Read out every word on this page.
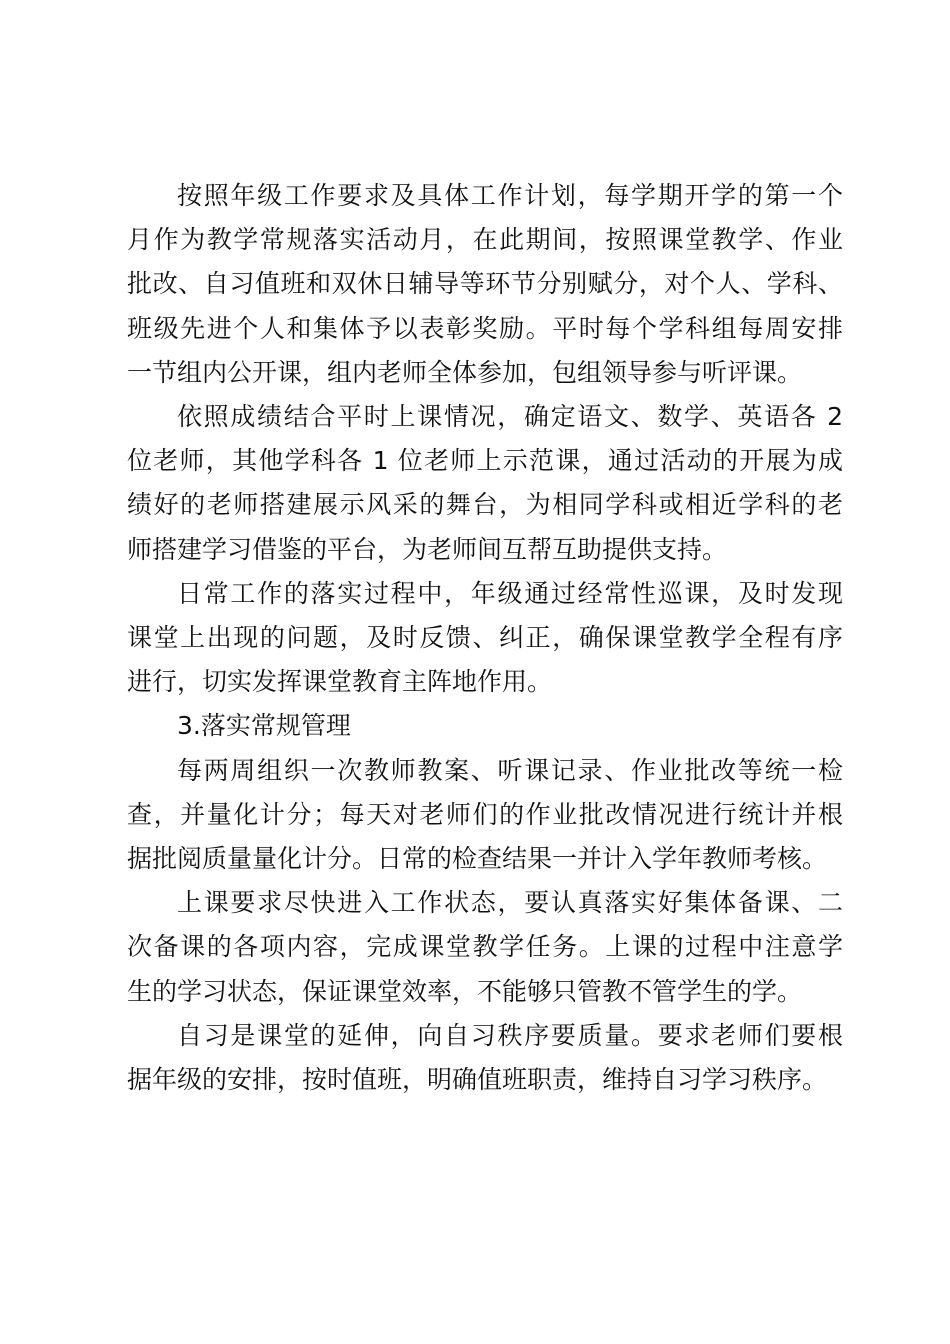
按照年级工作要求及具体工作计划，每学期开学的第一个
月作为教学常规落实活动月，在此期间，按照课堂教学、作业
批改、自习值班和双休日辅导等环节分别赋分，对个人、学科、
班级先进个人和集体予以表彰奖励。平时每个学科组每周安排
一节组内公开课，组内老师全体参加，包组领导参与听评课。
依照成绩结合平时上课情况，确定语文、数学、英语各 2
位老师，其他学科各 1 位老师上示范课，通过活动的开展为成
绩好的老师搭建展示风采的舞台，为相同学科或相近学科的老
师搭建学习借鉴的平台，为老师间互帮互助提供支持。
日常工作的落实过程中，年级通过经常性巡课，及时发现
课堂上出现的问题，及时反馈、纠正，确保课堂教学全程有序
进行，切实发挥课堂教育主阵地作用。
3.落实常规管理
每两周组织一次教师教案、听课记录、作业批改等统一检
查，并量化计分；每天对老师们的作业批改情况进行统计并根
据批阅质量量化计分。日常的检查结果一并计入学年教师考核。
上课要求尽快进入工作状态，要认真落实好集体备课、二
次备课的各项内容，完成课堂教学任务。上课的过程中注意学
生的学习状态，保证课堂效率，不能够只管教不管学生的学。
自习是课堂的延伸，向自习秩序要质量。要求老师们要根
据年级的安排，按时值班，明确值班职责，维持自习学习秩序。
